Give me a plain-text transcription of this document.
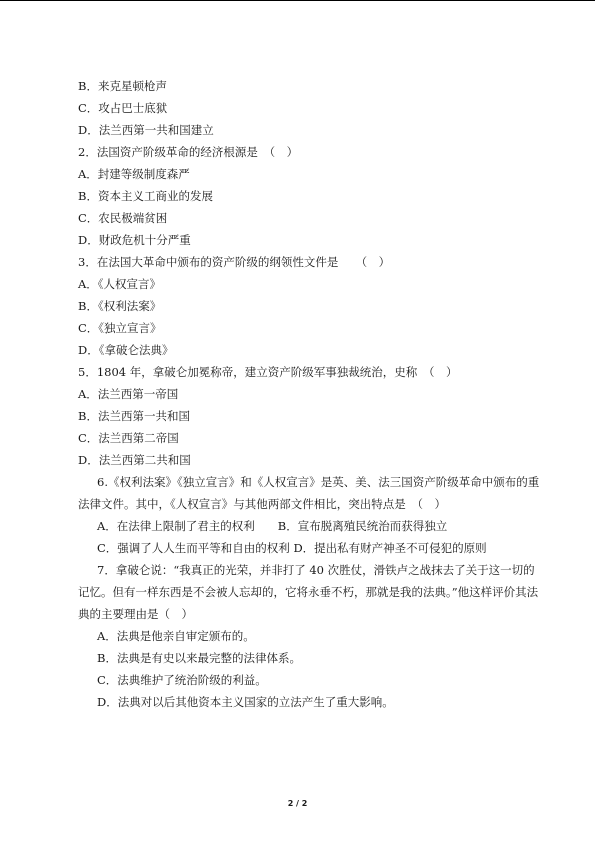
B．来克星顿枪声
C．攻占巴士底狱
D．法兰西第一共和国建立
2．法国资产阶级革命的经济根源是　（　）
A．封建等级制度森严
B．资本主义工商业的发展
C．农民极端贫困
D．财政危机十分严重
3．在法国大革命中颁布的资产阶级的纲领性文件是　　（　）
A．《人权宣言》
B．《权利法案》
C．《独立宣言》
D．《拿破仑法典》
5．1804 年，拿破仑加冕称帝，建立资产阶级军事独裁统治，史称　（　）
A．法兰西第一帝国
B．法兰西第一共和国
C．法兰西第二帝国
D．法兰西第二共和国
6.《权利法案》《独立宣言》和《人权宣言》是英、美、法三国资产阶级革命中颁布的重
法律文件。其中，《人权宣言》与其他两部文件相比，突出特点是　（　）
A．在法律上限制了君主的权利　　B．宣布脱离殖民统治而获得独立
C．强调了人人生而平等和自由的权利 D．提出私有财产神圣不可侵犯的原则
7．拿破仑说：“我真正的光荣，并非打了 40 次胜仗，滑铁卢之战抹去了关于这一切的
记忆。但有一样东西是不会被人忘却的，它将永垂不朽，那就是我的法典。”他这样评价其法
典的主要理由是（　）
A．法典是他亲自审定颁布的。
B．法典是有史以来最完整的法律体系。
C．法典维护了统治阶级的利益。
D．法典对以后其他资本主义国家的立法产生了重大影响。
2 / 2
